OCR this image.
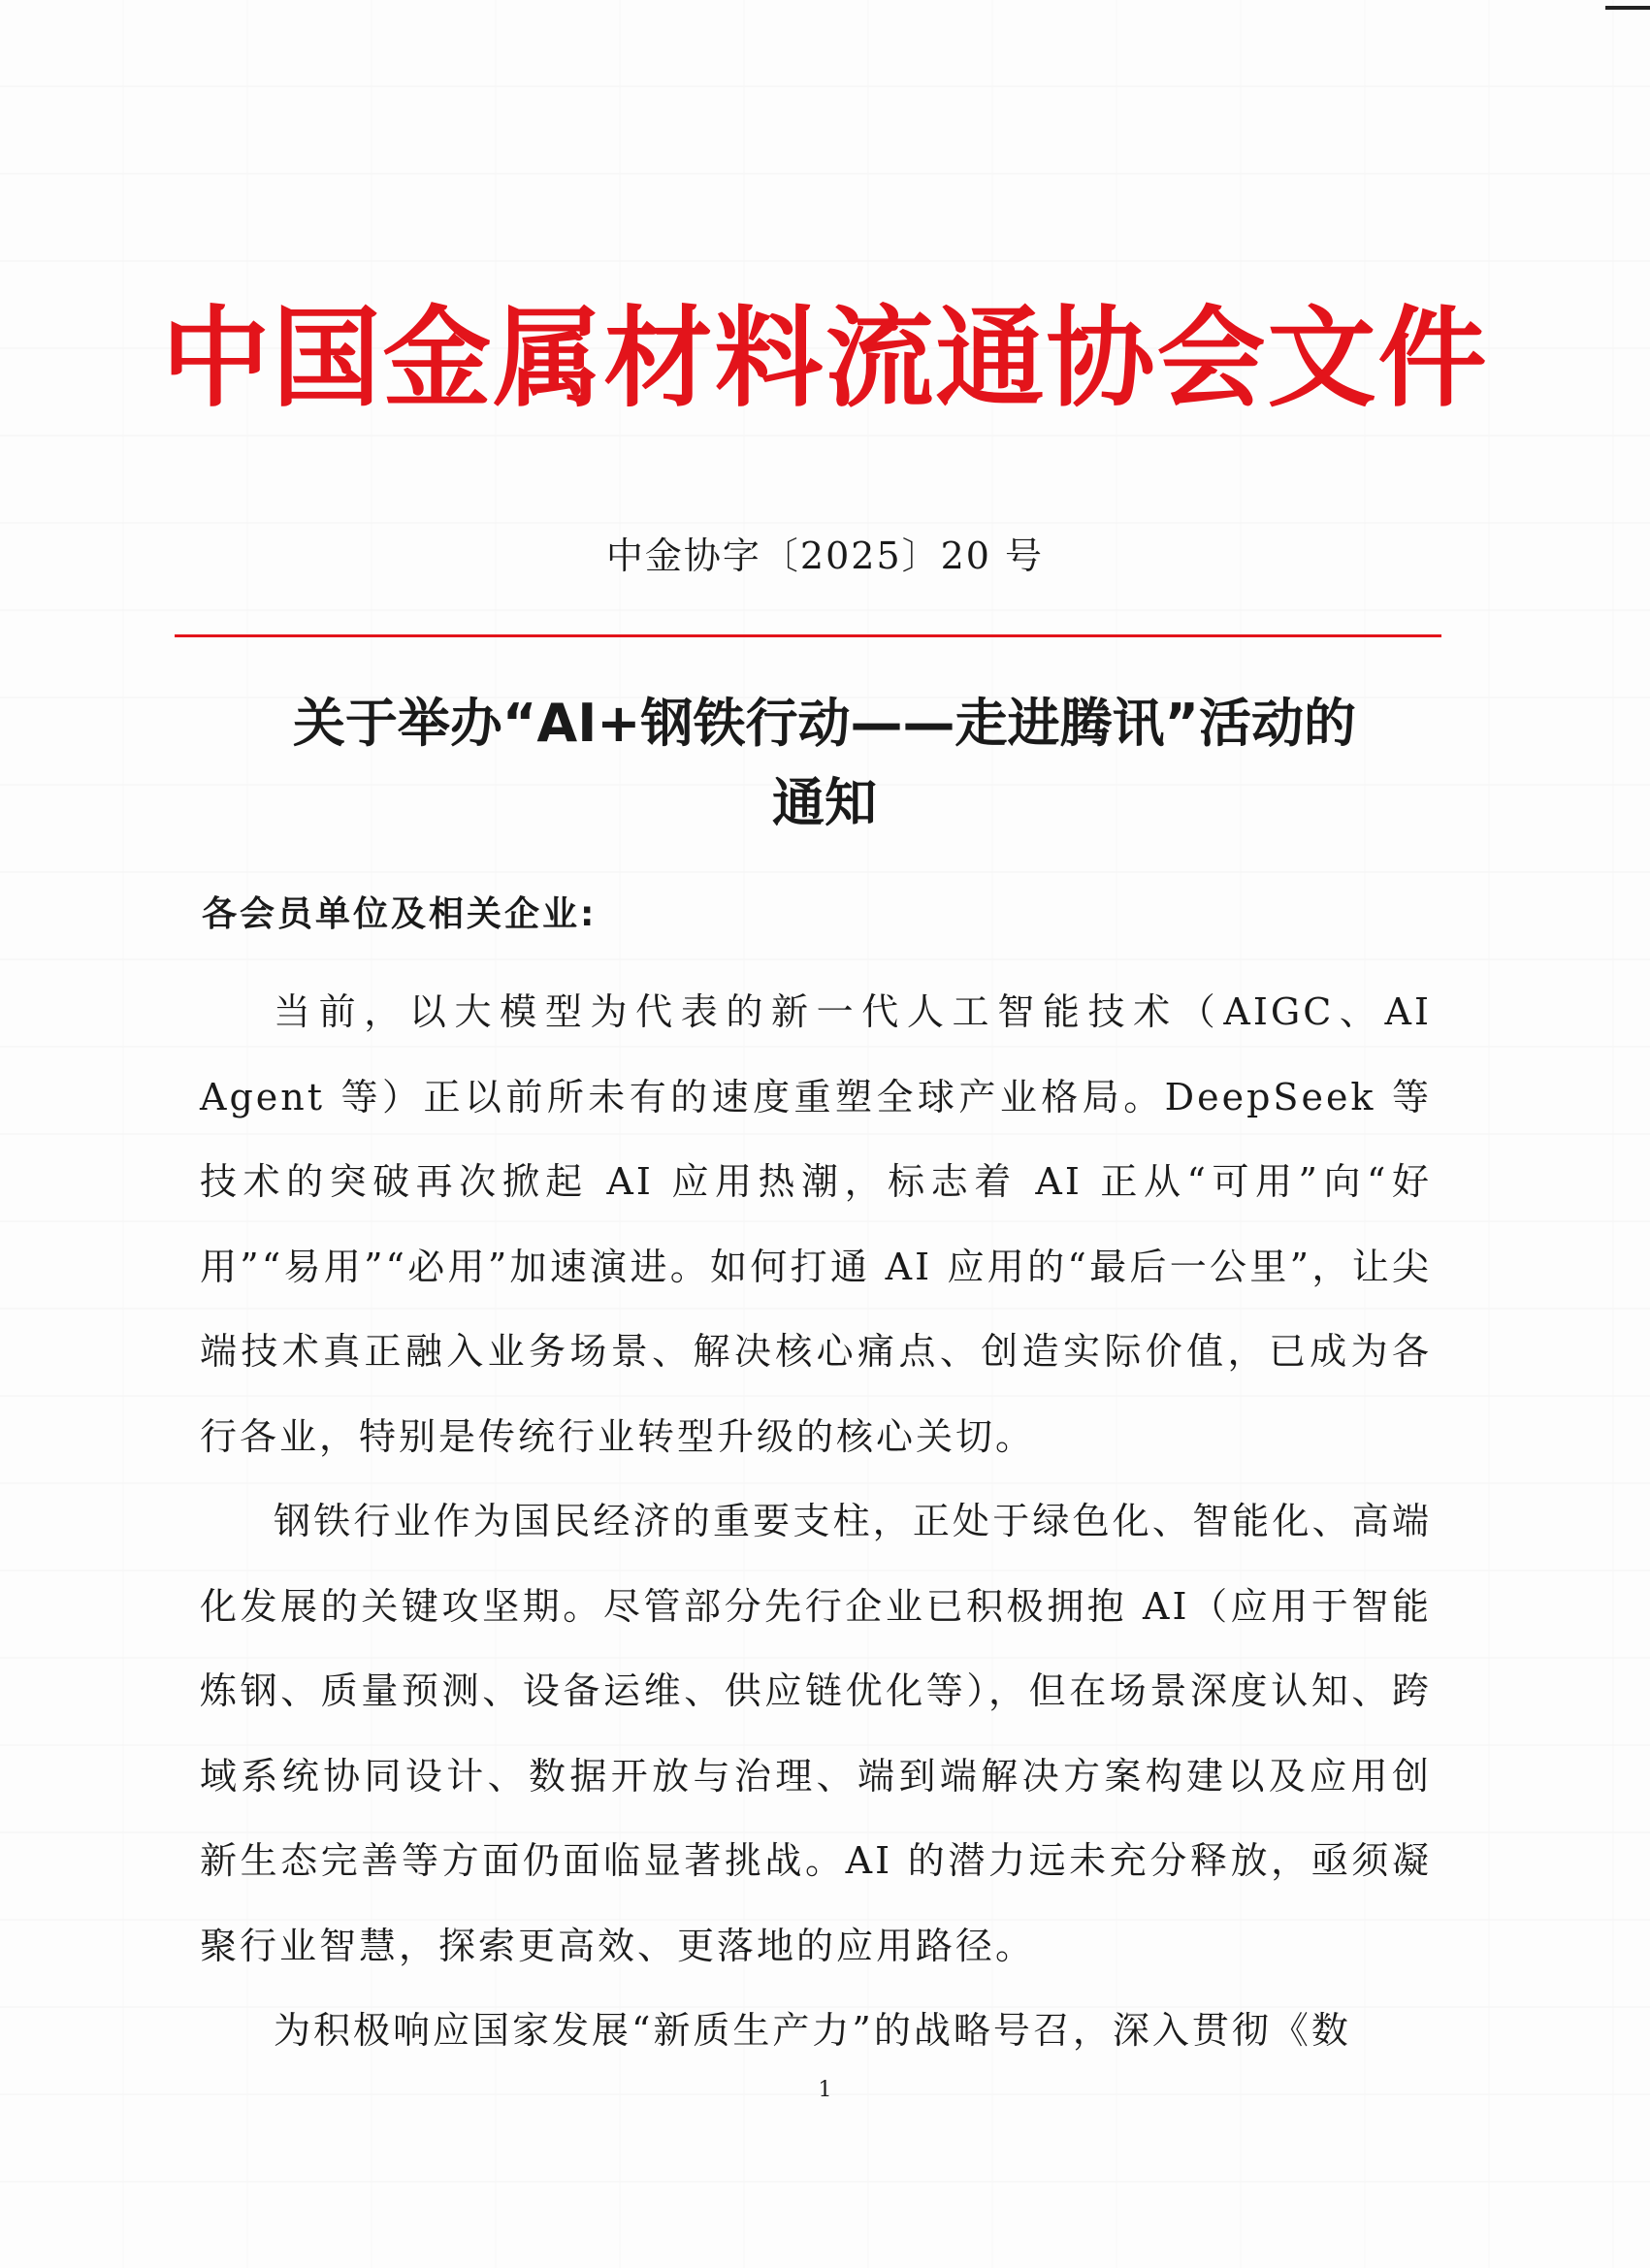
中国金属材料流通协会文件
中金协字〔2025〕20 号
关于举办“AI+钢铁行动——走进腾讯”活动的
通知
各会员单位及相关企业:

当前，以大模型为代表的新一代人工智能技术（AIGC、AI Agent 等）正以前所未有的速度重塑全球产业格局。DeepSeek 等技术的突破再次掀起 AI 应用热潮，标志着 AI 正从“可用”向“好用”“易用”“必用”加速演进。如何打通 AI 应用的“最后一公里”，让尖端技术真正融入业务场景、解决核心痛点、创造实际价值，已成为各行各业，特别是传统行业转型升级的核心关切。

钢铁行业作为国民经济的重要支柱，正处于绿色化、智能化、高端化发展的关键攻坚期。尽管部分先行企业已积极拥抱 AI（应用于智能炼钢、质量预测、设备运维、供应链优化等），但在场景深度认知、跨域系统协同设计、数据开放与治理、端到端解决方案构建以及应用创新生态完善等方面仍面临显著挑战。AI 的潜力远未充分释放，亟须凝聚行业智慧，探索更高效、更落地的应用路径。

为积极响应国家发展“新质生产力”的战略号召，深入贯彻《数

1
